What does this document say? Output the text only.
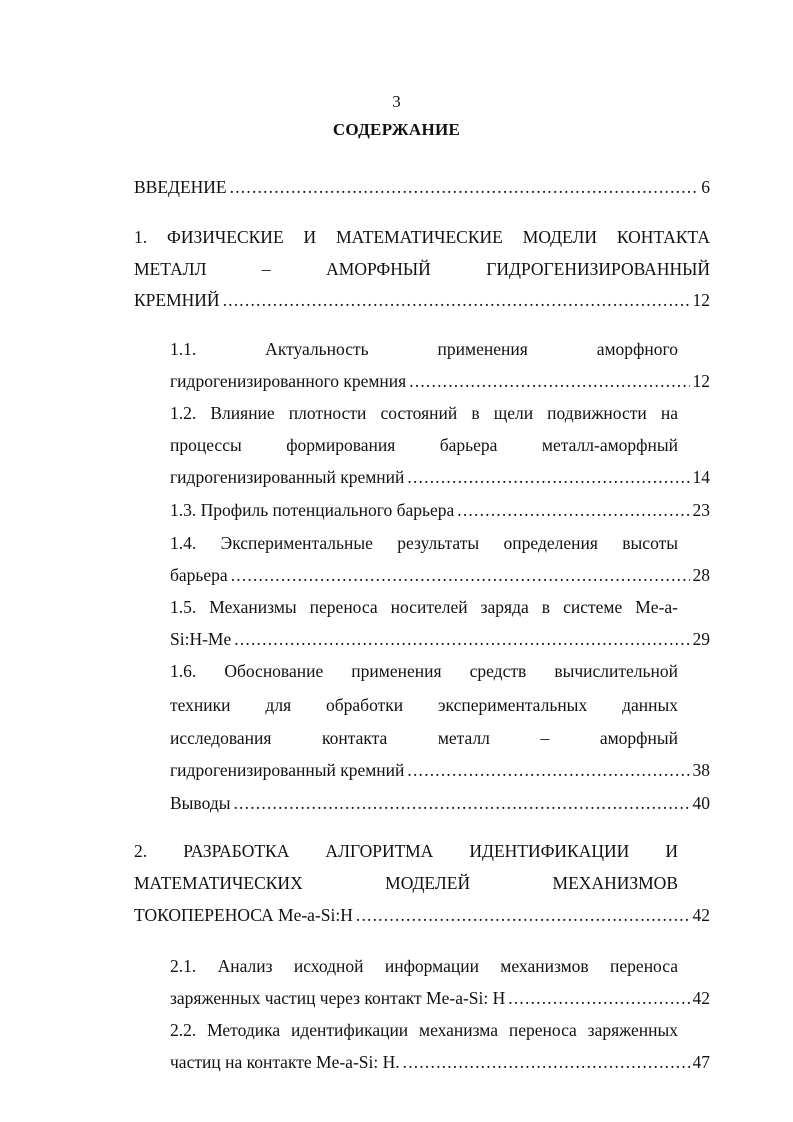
3
СОДЕРЖАНИЕ
ВВЕДЕНИЕ .....	6
1. ФИЗИЧЕСКИЕ И МАТЕМАТИЧЕСКИЕ МОДЕЛИ КОНТАКТА
МЕТАЛЛ – АМОРФНЫЙ ГИДРОГЕНИЗИРОВАННЫЙ
КРЕМНИЙ .....	12
1.1. Актуальность применения аморфного
гидрогенизированного кремния .....	12
1.2. Влияние плотности состояний в щели подвижности на
процессы формирования барьера металл-аморфный
гидрогенизированный кремний .....	14
1.3. Профиль потенциального барьера .....	23
1.4. Экспериментальные результаты определения высоты
барьера .....	28
1.5. Механизмы переноса носителей заряда в системе Me-a-
Si:H-Me .....	29
1.6. Обоснование применения средств вычислительной
техники для обработки экспериментальных данных
исследования контакта металл – аморфный
гидрогенизированный кремний .....	38
Выводы .....	40
2. РАЗРАБОТКА АЛГОРИТМА ИДЕНТИФИКАЦИИ И
МАТЕМАТИЧЕСКИХ МОДЕЛЕЙ МЕХАНИЗМОВ
ТОКОПЕРЕНОСА Me-a-Si:H .....	42
2.1. Анализ исходной информации механизмов переноса
заряженных частиц через контакт Me-a-Si: H .....	42
2.2. Методика идентификации механизма переноса заряженных
частиц на контакте Me-a-Si: H. .....	47
